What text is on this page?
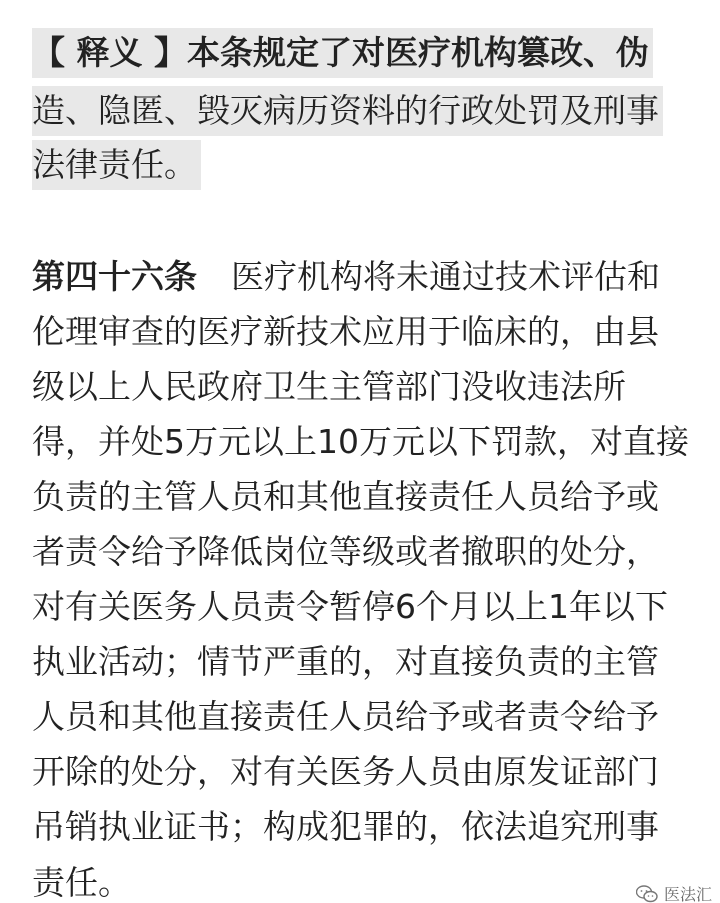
【 释义 】本条规定了对医疗机构篡改、伪
造、隐匿、毁灭病历资料的行政处罚及刑事
法律责任。
第四十六条 医疗机构将未通过技术评估和
伦理审查的医疗新技术应用于临床的，由县
级以上人民政府卫生主管部门没收违法所
得，并处5万元以上10万元以下罚款，对直接
负责的主管人员和其他直接责任人员给予或
者责令给予降低岗位等级或者撤职的处分，
对有关医务人员责令暂停6个月以上1年以下
执业活动；情节严重的，对直接负责的主管
人员和其他直接责任人员给予或者责令给予
开除的处分，对有关医务人员由原发证部门
吊销执业证书；构成犯罪的，依法追究刑事
责任。	医法汇
